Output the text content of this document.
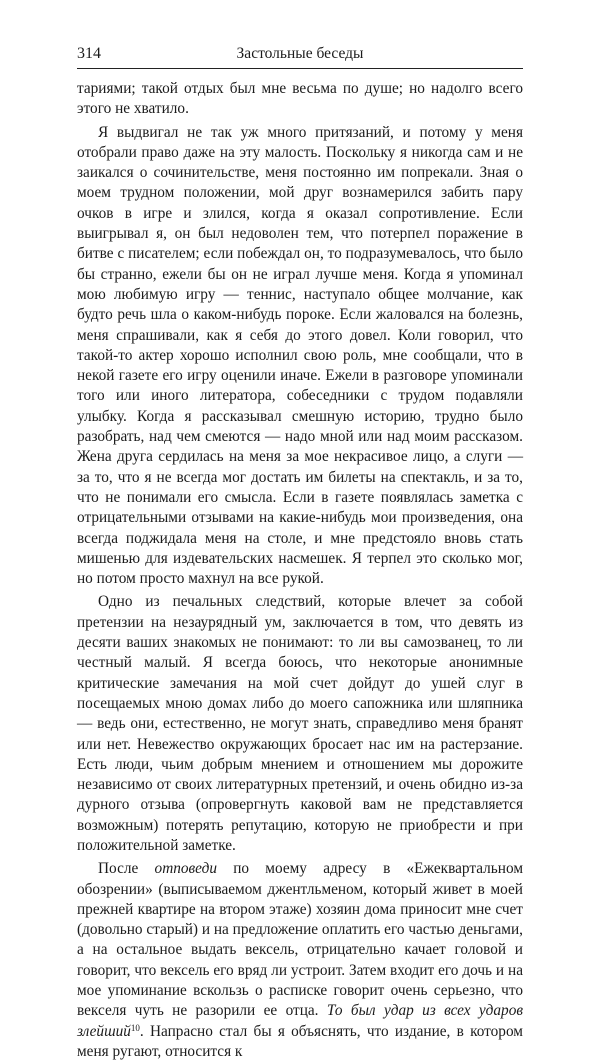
314	Застольные беседы

тариями; такой отдых был мне весьма по душе; но надолго всего этого не хватило.

Я выдвигал не так уж много притязаний, и потому у меня отобрали право даже на эту малость. Поскольку я никогда сам и не заикался о сочинительстве, меня постоянно им попрекали. Зная о моем трудном положении, мой друг вознамерился забить пару очков в игре и злился, когда я оказал сопротивление. Если выигрывал я, он был недоволен тем, что потерпел поражение в битве с писателем; если побеждал он, то подразумевалось, что было бы странно, ежели бы он не играл лучше меня. Когда я упоминал мою любимую игру — теннис, наступало общее молчание, как будто речь шла о каком-нибудь пороке. Если жаловался на болезнь, меня спрашивали, как я себя до этого довел. Коли говорил, что такой-то актер хорошо исполнил свою роль, мне сообщали, что в некой газете его игру оценили иначе. Ежели в разговоре упоминали того или иного литератора, собеседники с трудом подавляли улыбку. Когда я рассказывал смешную историю, трудно было разобрать, над чем смеются — надо мной или над моим рассказом. Жена друга сердилась на меня за мое некрасивое лицо, а слуги — за то, что я не всегда мог достать им билеты на спектакль, и за то, что не понимали его смысла. Если в газете появлялась заметка с отрицательными отзывами на какие-нибудь мои произведения, она всегда поджидала меня на столе, и мне предстояло вновь стать мишенью для издевательских насмешек. Я терпел это сколько мог, но потом просто махнул на все рукой.

Одно из печальных следствий, которые влечет за собой претензии на незаурядный ум, заключается в том, что девять из десяти ваших знакомых не понимают: то ли вы самозванец, то ли честный малый. Я всегда боюсь, что некоторые анонимные критические замечания на мой счет дойдут до ушей слуг в посещаемых мною домах либо до моего сапожника или шляпника — ведь они, естественно, не могут знать, справедливо меня бранят или нет. Невежество окружающих бросает нас им на растерзание. Есть люди, чьим добрым мнением и отношением мы дорожите независимо от своих литературных претензий, и очень обидно из-за дурного отзыва (опровергнуть каковой вам не представляется возможным) потерять репутацию, которую не приобрести и при положительной заметке.

После отповеди по моему адресу в «Ежеквартальном обозрении» (выписываемом джентльменом, который живет в моей прежней квартире на втором этаже) хозяин дома приносит мне счет (довольно старый) и на предложение оплатить его частью деньгами, а на остальное выдать вексель, отрицательно качает головой и говорит, что вексель его вряд ли устроит. Затем входит его дочь и на мое упоминание вскользь о расписке говорит очень серьезно, что векселя чуть не разорили ее отца. То был удар из всех ударов злейший$^{10}$. Напрасно стал бы я объяснять, что издание, в котором меня ругают, относится к
